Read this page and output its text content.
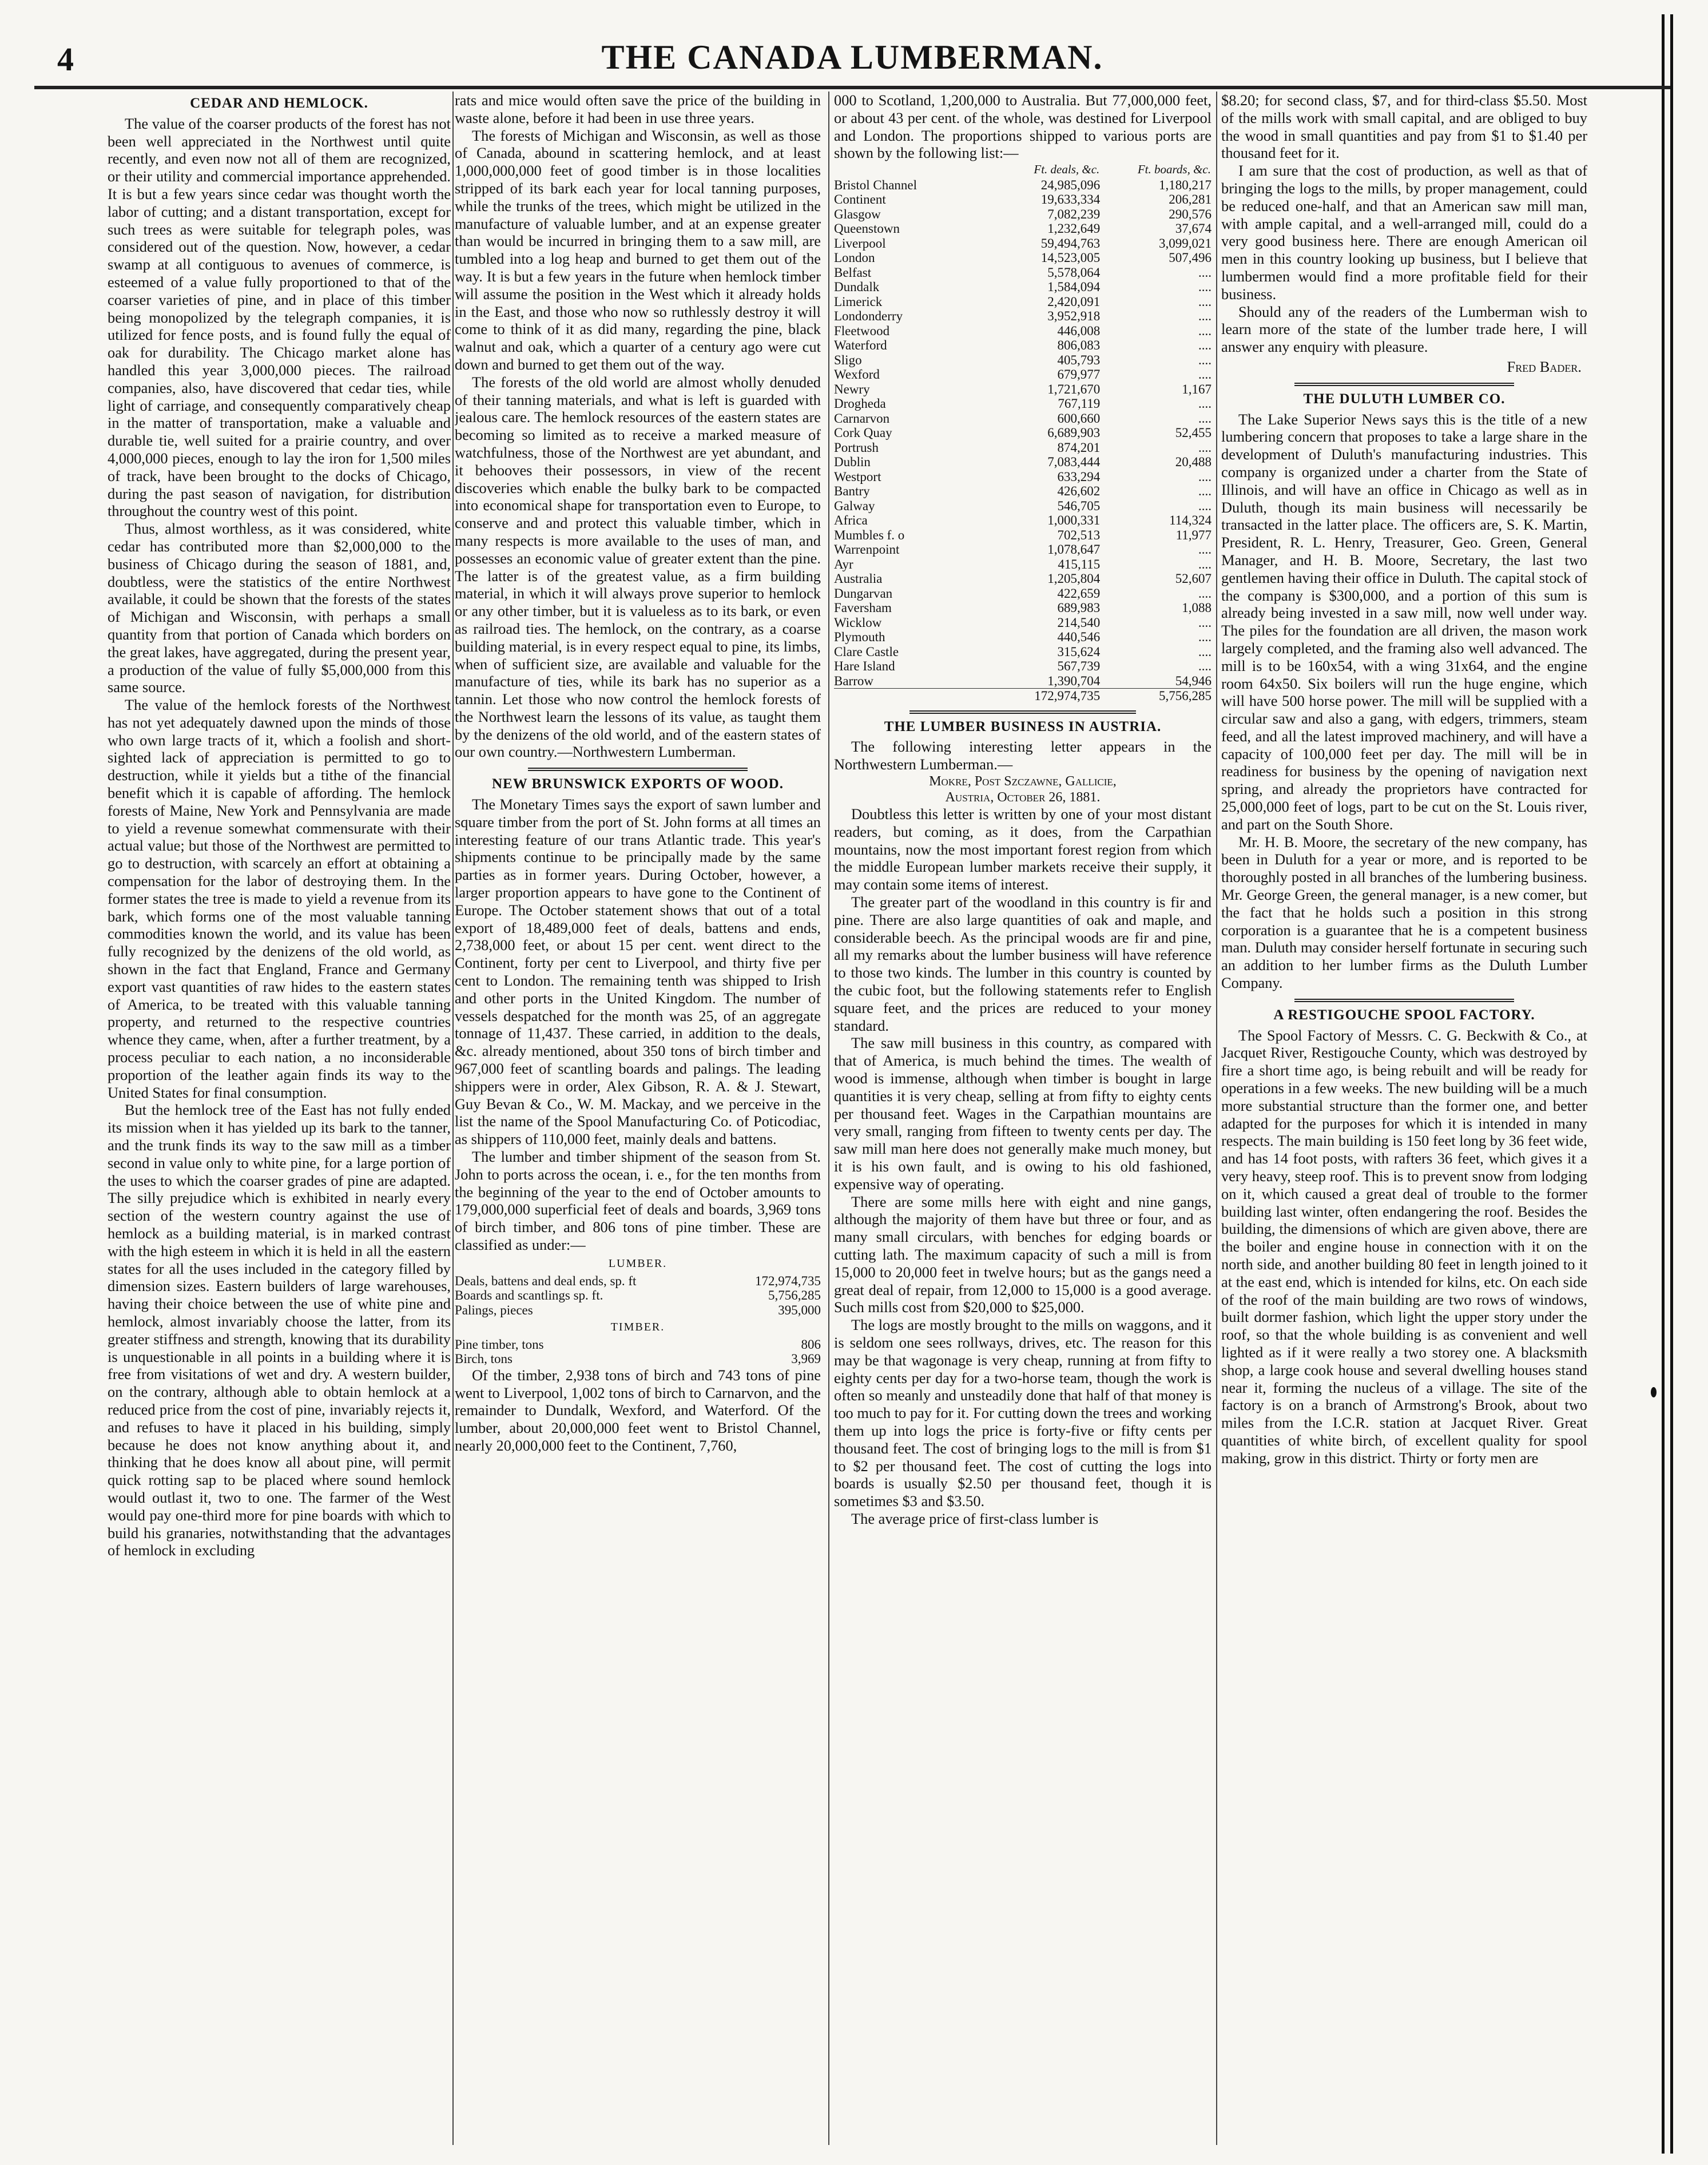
4	THE CANADA LUMBERMAN.
CEDAR AND HEMLOCK.

The value of the coarser products of the forest has not been well appreciated in the Northwest until quite recently, and even now not all of them are recognized, or their utility and commercial importance apprehended. It is but a few years since cedar was thought worth the labor of cutting; and a distant transportation, except for such trees as were suitable for telegraph poles, was considered out of the question. Now, however, a cedar swamp at all contiguous to avenues of commerce, is esteemed of a value fully proportioned to that of the coarser varieties of pine, and in place of this timber being monopolized by the telegraph companies, it is utilized for fence posts, and is found fully the equal of oak for durability. The Chicago market alone has handled this year 3,000,000 pieces. The railroad companies, also, have discovered that cedar ties, while light of carriage, and consequently comparatively cheap in the matter of transportation, make a valuable and durable tie, well suited for a prairie country, and over 4,000,000 pieces, enough to lay the iron for 1,500 miles of track, have been brought to the docks of Chicago, during the past season of navigation, for distribution throughout the country west of this point.

Thus, almost worthless, as it was considered, white cedar has contributed more than $2,000,000 to the business of Chicago during the season of 1881, and, doubtless, were the statistics of the entire Northwest available, it could be shown that the forests of the states of Michigan and Wisconsin, with perhaps a small quantity from that portion of Canada which borders on the great lakes, have aggregated, during the present year, a production of the value of fully $5,000,000 from this same source.

The value of the hemlock forests of the Northwest has not yet adequately dawned upon the minds of those who own large tracts of it, which a foolish and short-sighted lack of appreciation is permitted to go to destruction, while it yields but a tithe of the financial benefit which it is capable of affording. The hemlock forests of Maine, New York and Pennsylvania are made to yield a revenue somewhat commensurate with their actual value; but those of the Northwest are permitted to go to destruction, with scarcely an effort at obtaining a compensation for the labor of destroying them. In the former states the tree is made to yield a revenue from its bark, which forms one of the most valuable tanning commodities known the world, and its value has been fully recognized by the denizens of the old world, as shown in the fact that England, France and Germany export vast quantities of raw hides to the eastern states of America, to be treated with this valuable tanning property, and returned to the respective countries whence they came, when, after a further treatment, by a process peculiar to each nation, a no inconsiderable proportion of the leather again finds its way to the United States for final consumption.

But the hemlock tree of the East has not fully ended its mission when it has yielded up its bark to the tanner, and the trunk finds its way to the saw mill as a timber second in value only to white pine, for a large portion of the uses to which the coarser grades of pine are adapted. The silly prejudice which is exhibited in nearly every section of the western country against the use of hemlock as a building material, is in marked contrast with the high esteem in which it is held in all the eastern states for all the uses included in the category filled by dimension sizes. Eastern builders of large warehouses, having their choice between the use of white pine and hemlock, almost invariably choose the latter, from its greater stiffness and strength, knowing that its durability is unquestionable in all points in a building where it is free from visitations of wet and dry. A western builder, on the contrary, although able to obtain hemlock at a reduced price from the cost of pine, invariably rejects it, and refuses to have it placed in his building, simply because he does not know anything about it, and thinking that he does know all about pine, will permit quick rotting sap to be placed where sound hemlock would outlast it, two to one. The farmer of the West would pay one-third more for pine boards with which to build his granaries, notwithstanding that the advantages of hemlock in excluding

rats and mice would often save the price of the building in waste alone, before it had been in use three years.

The forests of Michigan and Wisconsin, as well as those of Canada, abound in scattering hemlock, and at least 1,000,000,000 feet of good timber is in those localities stripped of its bark each year for local tanning purposes, while the trunks of the trees, which might be utilized in the manufacture of valuable lumber, and at an expense greater than would be incurred in bringing them to a saw mill, are tumbled into a log heap and burned to get them out of the way. It is but a few years in the future when hemlock timber will assume the position in the West which it already holds in the East, and those who now so ruthlessly destroy it will come to think of it as did many, regarding the pine, black walnut and oak, which a quarter of a century ago were cut down and burned to get them out of the way.

The forests of the old world are almost wholly denuded of their tanning materials, and what is left is guarded with jealous care. The hemlock resources of the eastern states are becoming so limited as to receive a marked measure of watchfulness, those of the Northwest are yet abundant, and it behooves their possessors, in view of the recent discoveries which enable the bulky bark to be compacted into economical shape for transportation even to Europe, to conserve and and protect this valuable timber, which in many respects is more available to the uses of man, and possesses an economic value of greater extent than the pine. The latter is of the greatest value, as a firm building material, in which it will always prove superior to hemlock or any other timber, but it is valueless as to its bark, or even as railroad ties. The hemlock, on the contrary, as a coarse building material, is in every respect equal to pine, its limbs, when of sufficient size, are available and valuable for the manufacture of ties, while its bark has no superior as a tannin. Let those who now control the hemlock forests of the Northwest learn the lessons of its value, as taught them by the denizens of the old world, and of the eastern states of our own country.—Northwestern Lumberman.

NEW BRUNSWICK EXPORTS OF WOOD.

The Monetary Times says the export of sawn lumber and square timber from the port of St. John forms at all times an interesting feature of our trans Atlantic trade. This year's shipments continue to be principally made by the same parties as in former years. During October, however, a larger proportion appears to have gone to the Continent of Europe. The October statement shows that out of a total export of 18,489,000 feet of deals, battens and ends, 2,738,000 feet, or about 15 per cent. went direct to the Continent, forty per cent to Liverpool, and thirty five per cent to London. The remaining tenth was shipped to Irish and other ports in the United Kingdom. The number of vessels despatched for the month was 25, of an aggregate tonnage of 11,437. These carried, in addition to the deals, &c. already mentioned, about 350 tons of birch timber and 967,000 feet of scantling boards and palings. The leading shippers were in order, Alex Gibson, R. A. & J. Stewart, Guy Bevan & Co., W. M. Mackay, and we perceive in the list the name of the Spool Manufacturing Co. of Poticodiac, as shippers of 110,000 feet, mainly deals and battens.

The lumber and timber shipment of the season from St. John to ports across the ocean, i. e., for the ten months from the beginning of the year to the end of October amounts to 179,000,000 superficial feet of deals and boards, 3,969 tons of birch timber, and 806 tons of pine timber. These are classified as under:—

LUMBER.
Deals, battens and deal ends, sp. ft	172,974,735
Boards and scantlings sp. ft.	5,756,285
Palings, pieces	395,000
TIMBER.
Pine timber, tons	806
Birch, tons	3,969

Of the timber, 2,938 tons of birch and 743 tons of pine went to Liverpool, 1,002 tons of birch to Carnarvon, and the remainder to Dundalk, Wexford, and Waterford. Of the lumber, about 20,000,000 feet went to Bristol Channel, nearly 20,000,000 feet to the Continent, 7,760,

000 to Scotland, 1,200,000 to Australia. But 77,000,000 feet, or about 43 per cent. of the whole, was destined for Liverpool and London. The proportions shipped to various ports are shown by the following list:—

	Ft. deals, &c.	Ft. boards, &c.
Bristol Channel	24,985,096	1,180,217
Continent	19,633,334	206,281
Glasgow	7,082,239	290,576
Queenstown	1,232,649	37,674
Liverpool	59,494,763	3,099,021
London	14,523,005	507,496
Belfast	5,578,064	....
Dundalk	1,584,094	....
Limerick	2,420,091	....
Londonderry	3,952,918	....
Fleetwood	446,008	....
Waterford	806,083	....
Sligo	405,793	....
Wexford	679,977	....
Newry	1,721,670	1,167
Drogheda	767,119	....
Carnarvon	600,660	....
Cork Quay	6,689,903	52,455
Portrush	874,201	....
Dublin	7,083,444	20,488
Westport	633,294	....
Bantry	426,602	....
Galway	546,705	....
Africa	1,000,331	114,324
Mumbles f. o	702,513	11,977
Warrenpoint	1,078,647	....
Ayr	415,115	....
Australia	1,205,804	52,607
Dungarvan	422,659	....
Faversham	689,983	1,088
Wicklow	214,540	....
Plymouth	440,546	....
Clare Castle	315,624	....
Hare Island	567,739	....
Barrow	1,390,704	54,946
	172,974,735	5,756,285
THE LUMBER BUSINESS IN AUSTRIA.

The following interesting letter appears in the Northwestern Lumberman.—

Mokre, Post Szczawne, Gallicie,
Austria, October 26, 1881.

Doubtless this letter is written by one of your most distant readers, but coming, as it does, from the Carpathian mountains, now the most important forest region from which the middle European lumber markets receive their supply, it may contain some items of interest.

The greater part of the woodland in this country is fir and pine. There are also large quantities of oak and maple, and considerable beech. As the principal woods are fir and pine, all my remarks about the lumber business will have reference to those two kinds. The lumber in this country is counted by the cubic foot, but the following statements refer to English square feet, and the prices are reduced to your money standard.

The saw mill business in this country, as compared with that of America, is much behind the times. The wealth of wood is immense, although when timber is bought in large quantities it is very cheap, selling at from fifty to eighty cents per thousand feet. Wages in the Carpathian mountains are very small, ranging from fifteen to twenty cents per day. The saw mill man here does not generally make much money, but it is his own fault, and is owing to his old fashioned, expensive way of operating.

There are some mills here with eight and nine gangs, although the majority of them have but three or four, and as many small circulars, with benches for edging boards or cutting lath. The maximum capacity of such a mill is from 15,000 to 20,000 feet in twelve hours; but as the gangs need a great deal of repair, from 12,000 to 15,000 is a good average. Such mills cost from $20,000 to $25,000.

The logs are mostly brought to the mills on waggons, and it is seldom one sees rollways, drives, etc. The reason for this may be that wagonage is very cheap, running at from fifty to eighty cents per day for a two-horse team, though the work is often so meanly and unsteadily done that half of that money is too much to pay for it. For cutting down the trees and working them up into logs the price is forty-five or fifty cents per thousand feet. The cost of bringing logs to the mill is from $1 to $2 per thousand feet. The cost of cutting the logs into boards is usually $2.50 per thousand feet, though it is sometimes $3 and $3.50.

The average price of first-class lumber is

$8.20; for second class, $7, and for third-class $5.50. Most of the mills work with small capital, and are obliged to buy the wood in small quantities and pay from $1 to $1.40 per thousand feet for it.

I am sure that the cost of production, as well as that of bringing the logs to the mills, by proper management, could be reduced one-half, and that an American saw mill man, with ample capital, and a well-arranged mill, could do a very good business here. There are enough American oil men in this country looking up business, but I believe that lumbermen would find a more profitable field for their business.

Should any of the readers of the Lumberman wish to learn more of the state of the lumber trade here, I will answer any enquiry with pleasure.

Fred Bader.
THE DULUTH LUMBER CO.

The Lake Superior News says this is the title of a new lumbering concern that proposes to take a large share in the development of Duluth's manufacturing industries. This company is organized under a charter from the State of Illinois, and will have an office in Chicago as well as in Duluth, though its main business will necessarily be transacted in the latter place. The officers are, S. K. Martin, President, R. L. Henry, Treasurer, Geo. Green, General Manager, and H. B. Moore, Secretary, the last two gentlemen having their office in Duluth. The capital stock of the company is $300,000, and a portion of this sum is already being invested in a saw mill, now well under way. The piles for the foundation are all driven, the mason work largely completed, and the framing also well advanced. The mill is to be 160x54, with a wing 31x64, and the engine room 64x50. Six boilers will run the huge engine, which will have 500 horse power. The mill will be supplied with a circular saw and also a gang, with edgers, trimmers, steam feed, and all the latest improved machinery, and will have a capacity of 100,000 feet per day. The mill will be in readiness for business by the opening of navigation next spring, and already the proprietors have contracted for 25,000,000 feet of logs, part to be cut on the St. Louis river, and part on the South Shore.

Mr. H. B. Moore, the secretary of the new company, has been in Duluth for a year or more, and is reported to be thoroughly posted in all branches of the lumbering business. Mr. George Green, the general manager, is a new comer, but the fact that he holds such a position in this strong corporation is a guarantee that he is a competent business man. Duluth may consider herself fortunate in securing such an addition to her lumber firms as the Duluth Lumber Company.

A RESTIGOUCHE SPOOL FACTORY.

The Spool Factory of Messrs. C. G. Beckwith & Co., at Jacquet River, Restigouche County, which was destroyed by fire a short time ago, is being rebuilt and will be ready for operations in a few weeks. The new building will be a much more substantial structure than the former one, and better adapted for the purposes for which it is intended in many respects. The main building is 150 feet long by 36 feet wide, and has 14 foot posts, with rafters 36 feet, which gives it a very heavy, steep roof. This is to prevent snow from lodging on it, which caused a great deal of trouble to the former building last winter, often endangering the roof. Besides the building, the dimensions of which are given above, there are the boiler and engine house in connection with it on the north side, and another building 80 feet in length joined to it at the east end, which is intended for kilns, etc. On each side of the roof of the main building are two rows of windows, built dormer fashion, which light the upper story under the roof, so that the whole building is as convenient and well lighted as if it were really a two storey one. A blacksmith shop, a large cook house and several dwelling houses stand near it, forming the nucleus of a village. The site of the factory is on a branch of Armstrong's Brook, about two miles from the I.C.R. station at Jacquet River. Great quantities of white birch, of excellent quality for spool making, grow in this district. Thirty or forty men are
